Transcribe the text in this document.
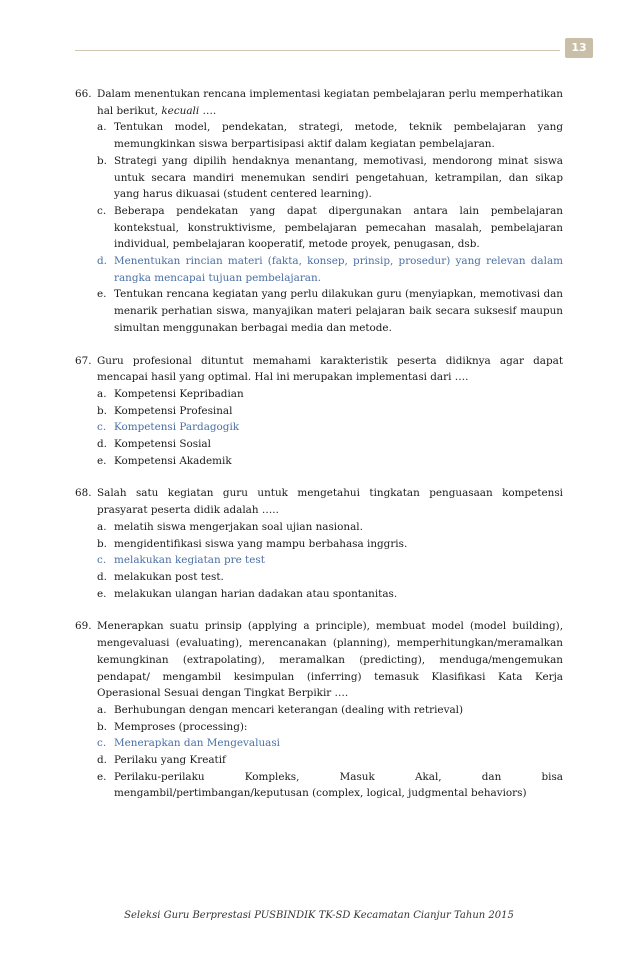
13
66. Dalam menentukan rencana implementasi kegiatan pembelajaran perlu memperhatikan hal berikut, kecuali ….
a. Tentukan model, pendekatan, strategi, metode, teknik pembelajaran yang memungkinkan siswa berpartisipasi aktif dalam kegiatan pembelajaran.
b. Strategi yang dipilih hendaknya menantang, memotivasi, mendorong minat siswa untuk secara mandiri menemukan sendiri pengetahuan, ketrampilan, dan sikap yang harus dikuasai (student centered learning).
c. Beberapa pendekatan yang dapat dipergunakan antara lain pembelajaran kontekstual, konstruktivisme, pembelajaran pemecahan masalah, pembelajaran individual, pembelajaran kooperatif, metode proyek, penugasan, dsb.
d. Menentukan rincian materi (fakta, konsep, prinsip, prosedur) yang relevan dalam rangka mencapai tujuan pembelajaran.
e. Tentukan rencana kegiatan yang perlu dilakukan guru (menyiapkan, memotivasi dan menarik perhatian siswa, manyajikan materi pelajaran baik secara suksesif maupun simultan menggunakan berbagai media dan metode.
67. Guru profesional dituntut memahami karakteristik peserta didiknya agar dapat mencapai hasil yang optimal. Hal ini merupakan implementasi dari ….
a. Kompetensi Kepribadian
b. Kompetensi Profesinal
c. Kompetensi Pardagogik
d. Kompetensi Sosial
e. Kompetensi Akademik
68. Salah satu kegiatan guru untuk mengetahui tingkatan penguasaan kompetensi prasyarat peserta didik adalah …..
a. melatih siswa mengerjakan soal ujian nasional.
b. mengidentifikasi siswa yang mampu berbahasa inggris.
c. melakukan kegiatan pre test
d. melakukan post test.
e. melakukan ulangan harian dadakan atau spontanitas.
69. Menerapkan suatu prinsip (applying a principle), membuat model (model building), mengevaluasi (evaluating), merencanakan (planning), memperhitungkan/meramalkan kemungkinan (extrapolating), meramalkan (predicting), menduga/mengemukan pendapat/ mengambil kesimpulan (inferring) temasuk Klasifikasi Kata Kerja Operasional Sesuai dengan Tingkat Berpikir ….
a. Berhubungan dengan mencari keterangan (dealing with retrieval)
b. Memproses (processing):
c. Menerapkan dan Mengevaluasi
d. Perilaku yang Kreatif
e. Perilaku-perilaku Kompleks, Masuk Akal, dan bisa mengambil/pertimbangan/keputusan (complex, logical, judgmental behaviors)
Seleksi Guru Berprestasi PUSBINDIK TK-SD Kecamatan Cianjur Tahun 2015
